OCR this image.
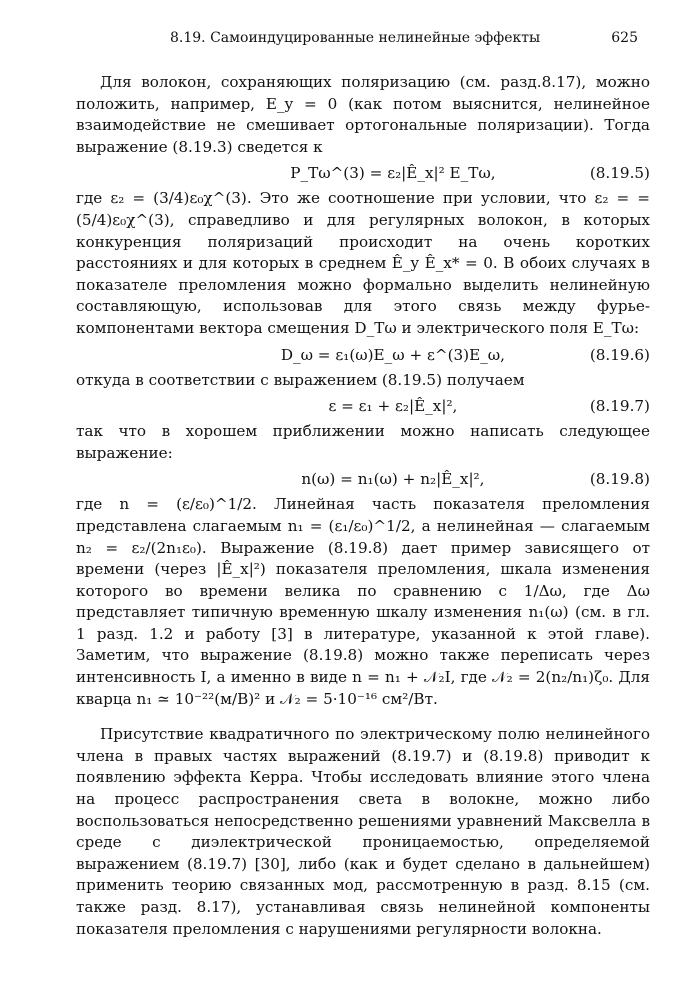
8.19. Самоиндуцированные нелинейные эффекты	625

Для волокон, сохраняющих поляризацию (см. разд.8.17), можно положить, например, E_y = 0 (как потом выяснится, нелинейное взаимодействие не смешивает ортогональные поляризации). Тогда выражение (8.19.3) сведется к

P_Tω^(3) = ε₂|Ê_x|² E_Tω,	(8.19.5)

где ε₂ = (3/4)ε₀χ^(3). Это же соотношение при условии, что ε₂ = = (5/4)ε₀χ^(3), справедливо и для регулярных волокон, в которых конкуренция поляризаций происходит на очень коротких расстояниях и для которых в среднем Ê_y Ê_x* = 0. В обоих случаях в показателе преломления можно формально выделить нелинейную составляющую, использовав для этого связь между фурье-компонентами вектора смещения D_Tω и электрического поля E_Tω:

D_ω = ε₁(ω)E_ω + ε^(3)E_ω,	(8.19.6)

откуда в соответствии с выражением (8.19.5) получаем

ε = ε₁ + ε₂|Ê_x|²,	(8.19.7)

так что в хорошем приближении можно написать следующее выражение:

n(ω) = n₁(ω) + n₂|Ê_x|²,	(8.19.8)

где n = (ε/ε₀)^1/2. Линейная часть показателя преломления представлена слагаемым n₁ = (ε₁/ε₀)^1/2, а нелинейная — слагаемым n₂ = ε₂/(2n₁ε₀). Выражение (8.19.8) дает пример зависящего от времени (через |Ê_x|²) показателя преломления, шкала изменения которого во времени велика по сравнению с 1/Δω, где Δω представляет типичную временную шкалу изменения n₁(ω) (см. в гл. 1 разд. 1.2 и работу [3] в литературе, указанной к этой главе). Заметим, что выражение (8.19.8) можно также переписать через интенсивность I, а именно в виде n = n₁ + 𝒩₂I, где 𝒩₂ = 2(n₂/n₁)ζ₀. Для кварца n₁ ≃ 10⁻²²(м/В)² и 𝒩₂ = 5·10⁻¹⁶ см²/Вт.

Присутствие квадратичного по электрическому полю нелинейного члена в правых частях выражений (8.19.7) и (8.19.8) приводит к появлению эффекта Керра. Чтобы исследовать влияние этого члена на процесс распространения света в волокне, можно либо воспользоваться непосредственно решениями уравнений Максвелла в среде с диэлектрической проницаемостью, определяемой выражением (8.19.7) [30], либо (как и будет сделано в дальнейшем) применить теорию связанных мод, рассмотренную в разд. 8.15 (см. также разд. 8.17), устанавливая связь нелинейной компоненты показателя преломления с нарушениями регулярности волокна.
